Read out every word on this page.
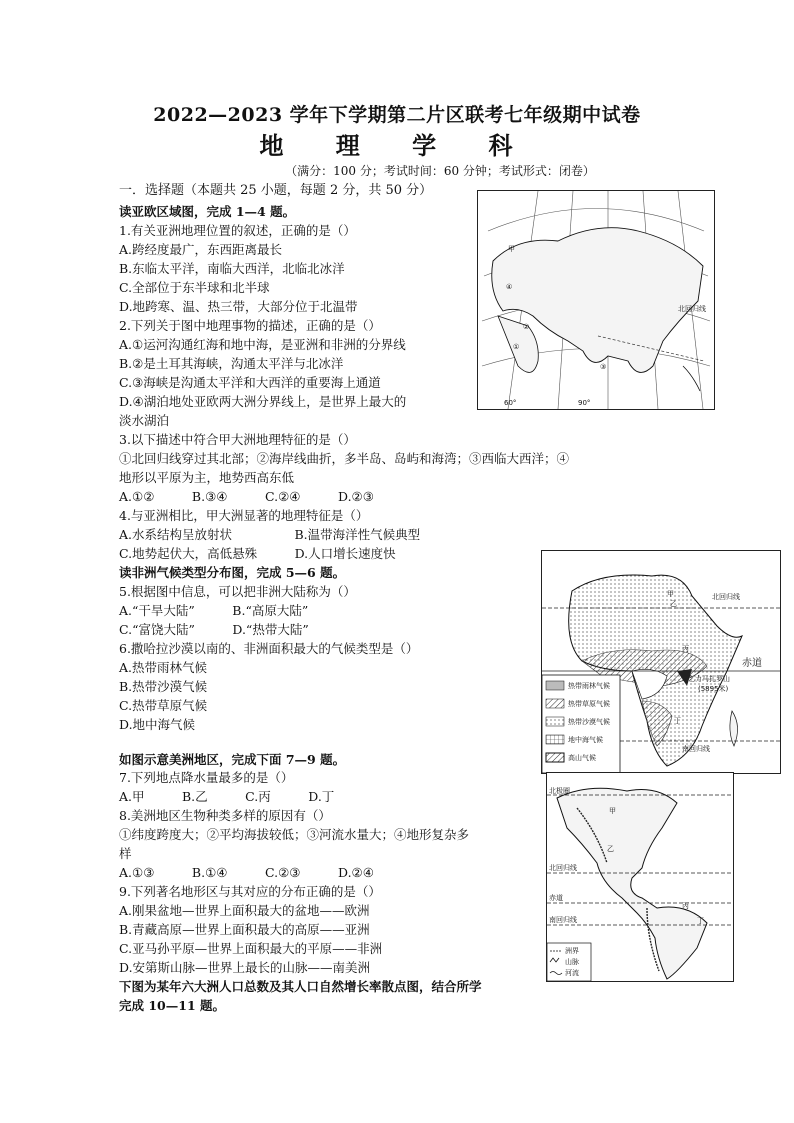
2022—2023 学年下学期第二片区联考七年级期中试卷
地 理 学 科
（满分：100 分；考试时间：60 分钟；考试形式：闭卷）
一．选择题（本题共 25 小题，每题 2 分，共 50 分）
读亚欧区域图，完成 1—4 题。
1.有关亚洲地理位置的叙述，正确的是（）
A.跨经度最广，东西距离最长
B.东临太平洋，南临大西洋，北临北冰洋
C.全部位于东半球和北半球
D.地跨寒、温、热三带，大部分位于北温带
2.下列关于图中地理事物的描述，正确的是（）
A.①运河沟通红海和地中海，是亚洲和非洲的分界线
B.②是土耳其海峡，沟通太平洋与北冰洋
C.③海峡是沟通太平洋和大西洋的重要海上通道
D.④湖泊地处亚欧两大洲分界线上，是世界上最大的
淡水湖泊
3.以下描述中符合甲大洲地理特征的是（）
①北回归线穿过其北部；②海岸线曲折，多半岛、岛屿和海湾；③西临大西洋；④
地形以平原为主，地势西高东低
A.①②　　　B.③④　　　C.②④　　　D.②③
4.与亚洲相比，甲大洲显著的地理特征是（）
A.水系结构呈放射状　　　　　B.温带海洋性气候典型
C.地势起伏大，高低悬殊　　　D.人口增长速度快
读非洲气候类型分布图，完成 5—6 题。
5.根据图中信息，可以把非洲大陆称为（）
A.“干旱大陆”　　　B.“高原大陆”
C.“富饶大陆”　　　D.“热带大陆”
6.撒哈拉沙漠以南的、非洲面积最大的气候类型是（）
A.热带雨林气候
B.热带沙漠气候
C.热带草原气候
D.地中海气候
如图示意美洲地区，完成下面 7—9 题。
7.下列地点降水量最多的是（）
A.甲　　　B.乙　　　C.丙　　　D.丁
8.美洲地区生物种类多样的原因有（）
①纬度跨度大；②平均海拔较低；③河流水量大；④地形复杂多
样
A.①③　　　B.①④　　　C.②③　　　D.②④
9.下列著名地形区与其对应的分布正确的是（）
A.刚果盆地—世界上面积最大的盆地——欧洲
B.青藏高原—世界上面积最大的高原——亚洲
C.亚马孙平原—世界上面积最大的平原——非洲
D.安第斯山脉—世界上最长的山脉——南美洲
下图为某年六大洲人口总数及其人口自然增长率散点图，结合所学
完成 10—11 题。
甲
④
②
①
③
北回归线
60°	90°
甲
乙
北回归线
丙
赤道
乞力马扎罗山
(5895米)
丁
南回归线
热带雨林气候
热带草原气候
热带沙漠气候
地中海气候
高山气候
北极圈
甲
乙
北回归线
赤道
丙
南回归线	丁
洲界
山脉
河流
